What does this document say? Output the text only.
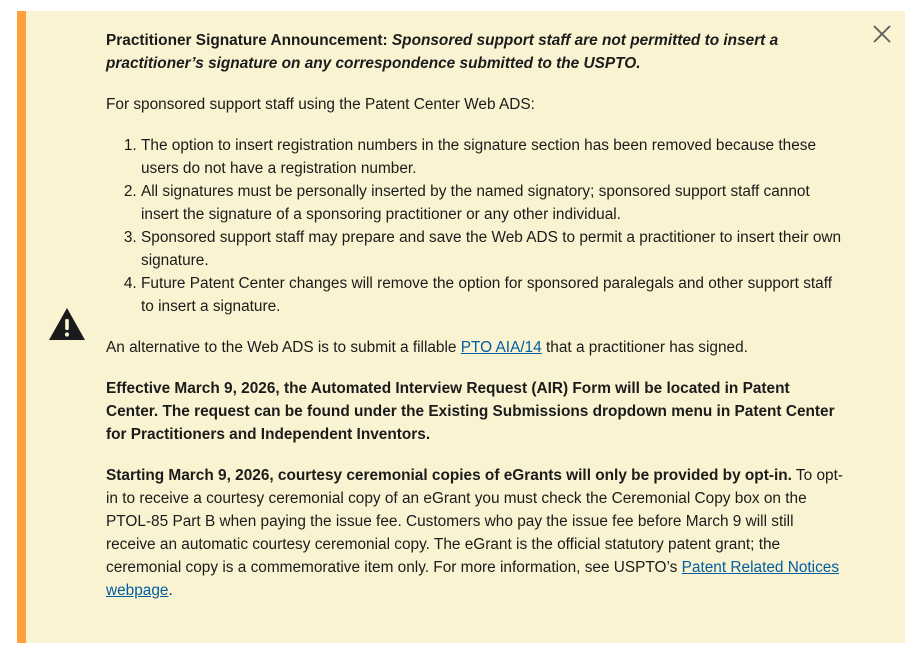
Practitioner Signature Announcement: Sponsored support staff are not permitted to insert a practitioner’s signature on any correspondence submitted to the USPTO.

For sponsored support staff using the Patent Center Web ADS:

1. The option to insert registration numbers in the signature section has been removed because these users do not have a registration number.
2. All signatures must be personally inserted by the named signatory; sponsored support staff cannot insert the signature of a sponsoring practitioner or any other individual.
3. Sponsored support staff may prepare and save the Web ADS to permit a practitioner to insert their own signature.
4. Future Patent Center changes will remove the option for sponsored paralegals and other support staff to insert a signature.

An alternative to the Web ADS is to submit a fillable PTO AIA/14 that a practitioner has signed.

Effective March 9, 2026, the Automated Interview Request (AIR) Form will be located in Patent Center. The request can be found under the Existing Submissions dropdown menu in Patent Center for Practitioners and Independent Inventors.

Starting March 9, 2026, courtesy ceremonial copies of eGrants will only be provided by opt-in. To opt-in to receive a courtesy ceremonial copy of an eGrant you must check the Ceremonial Copy box on the PTOL-85 Part B when paying the issue fee. Customers who pay the issue fee before March 9 will still receive an automatic courtesy ceremonial copy. The eGrant is the official statutory patent grant; the ceremonial copy is a commemorative item only. For more information, see USPTO’s Patent Related Notices webpage.
